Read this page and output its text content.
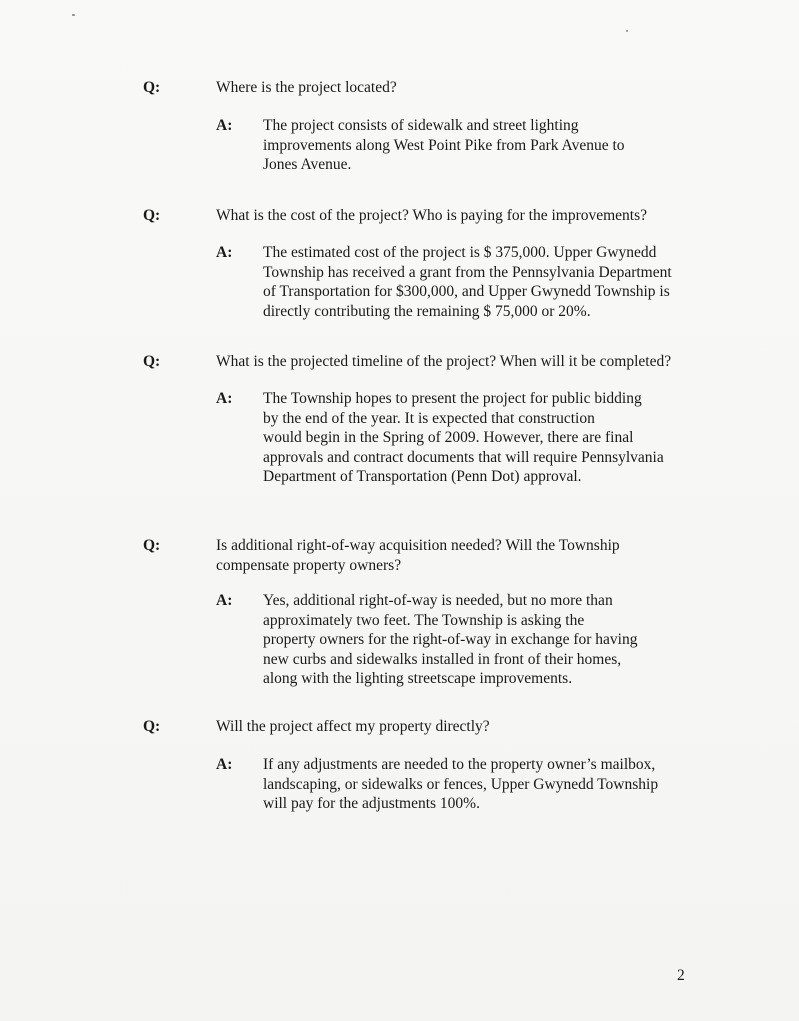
Q:	Where is the project located?
A: The project consists of sidewalk and street lighting
improvements along West Point Pike from Park Avenue to
Jones Avenue.
Q:	What is the cost of the project? Who is paying for the improvements?
A: The estimated cost of the project is $ 375,000. Upper Gwynedd
Township has received a grant from the Pennsylvania Department
of Transportation for $300,000, and Upper Gwynedd Township is
directly contributing the remaining $ 75,000 or 20%.
Q:	What is the projected timeline of the project? When will it be completed?
A: The Township hopes to present the project for public bidding
by the end of the year. It is expected that construction
would begin in the Spring of 2009. However, there are final
approvals and contract documents that will require Pennsylvania
Department of Transportation (Penn Dot) approval.
Q:	Is additional right-of-way acquisition needed? Will the Township
compensate property owners?
A: Yes, additional right-of-way is needed, but no more than
approximately two feet. The Township is asking the
property owners for the right-of-way in exchange for having
new curbs and sidewalks installed in front of their homes,
along with the lighting streetscape improvements.
Q:	Will the project affect my property directly?
A: If any adjustments are needed to the property owner’s mailbox,
landscaping, or sidewalks or fences, Upper Gwynedd Township
will pay for the adjustments 100%.
2
